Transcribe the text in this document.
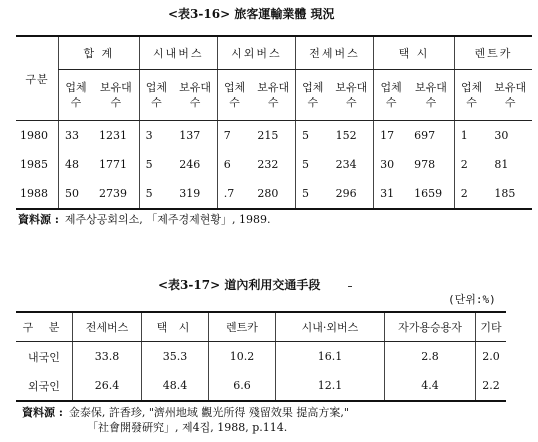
<表3-16> 旅客運輸業體 現況
구분	합 계		시내버스		시외버스		전세버스		택 시		렌트카	
	업체수	보유대수	업체수	보유대수	업체수	보유대수	업체수	보유대수	업체수	보유대수	업체수	보유대수
1980	33	1231	3	137	7	215	5	152	17	697	1	30
1985	48	1771	5	246	6	232	5	234	30	978	2	81
1988	50	2739	5	319	.7	280	5	296	31	1659	2	185
資料源 : 제주상공회의소, 「제주경제현황」, 1989.
<表3-17> 道內利用交通手段
(단위:%)
구 분	전세버스	택 시	렌트카	시내·외버스	자가용승용자	기타
내국인	33.8	35.3	10.2	16.1	2.8	2.0
외국인	26.4	48.4	6.6	12.1	4.4	2.2
資料源 : 金泰保, 許香珍, "濟州地域 觀光所得 殘留效果 提高方案,"
「社會開發硏究」, 제4집, 1988, p.114.
